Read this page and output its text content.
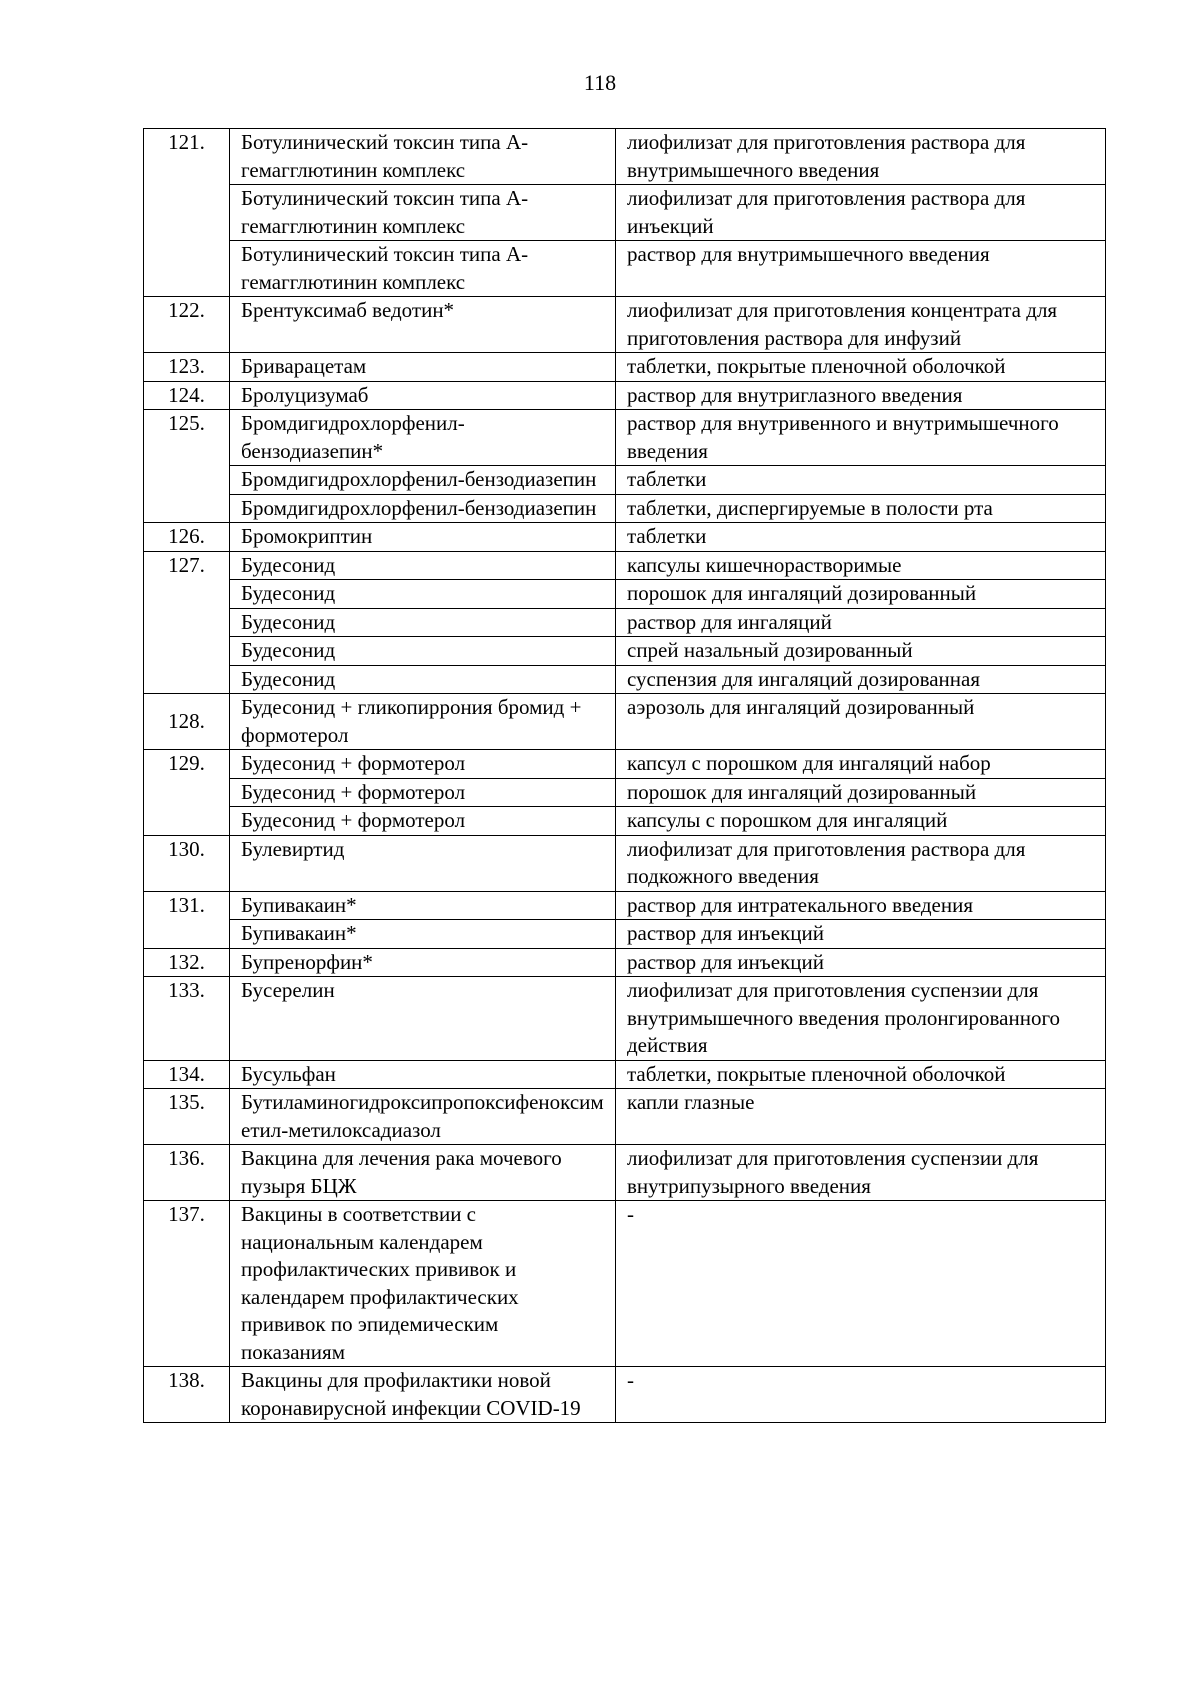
118
121.	Ботулинический токсин типа А-гемагглютинин комплекс	лиофилизат для приготовления раствора для внутримышечного введения
	Ботулинический токсин типа А-гемагглютинин комплекс	лиофилизат для приготовления раствора для инъекций
	Ботулинический токсин типа А-гемагглютинин комплекс	раствор для внутримышечного введения
122.	Брентуксимаб ведотин*	лиофилизат для приготовления концентрата для приготовления раствора для инфузий
123.	Бриварацетам	таблетки, покрытые пленочной оболочкой
124.	Бролуцизумаб	раствор для внутриглазного введения
125.	Бромдигидрохлорфенил-бензодиазепин*	раствор для внутривенного и внутримышечного введения
	Бромдигидрохлорфенил-бензодиазепин	таблетки
	Бромдигидрохлорфенил-бензодиазепин	таблетки, диспергируемые в полости рта
126.	Бромокриптин	таблетки
127.	Будесонид	капсулы кишечнорастворимые
	Будесонид	порошок для ингаляций дозированный
	Будесонид	раствор для ингаляций
	Будесонид	спрей назальный дозированный
	Будесонид	суспензия для ингаляций дозированная
128.	Будесонид + гликопиррония бромид + формотерол	аэрозоль для ингаляций дозированный
129.	Будесонид + формотерол	капсул с порошком для ингаляций набор
	Будесонид + формотерол	порошок для ингаляций дозированный
	Будесонид + формотерол	капсулы с порошком для ингаляций
130.	Булевиртид	лиофилизат для приготовления раствора для подкожного введения
131.	Бупивакаин*	раствор для интратекального введения
	Бупивакаин*	раствор для инъекций
132.	Бупренорфин*	раствор для инъекций
133.	Бусерелин	лиофилизат для приготовления суспензии для внутримышечного введения пролонгированного действия
134.	Бусульфан	таблетки, покрытые пленочной оболочкой
135.	Бутиламиногидроксипропоксифеноксиметил-метилоксадиазол	капли глазные
136.	Вакцина для лечения рака мочевого пузыря БЦЖ	лиофилизат для приготовления суспензии для внутрипузырного введения
137.	Вакцины в соответствии с национальным календарем профилактических прививок и календарем профилактических прививок по эпидемическим показаниям	-
138.	Вакцины для профилактики новой коронавирусной инфекции COVID-19	-
